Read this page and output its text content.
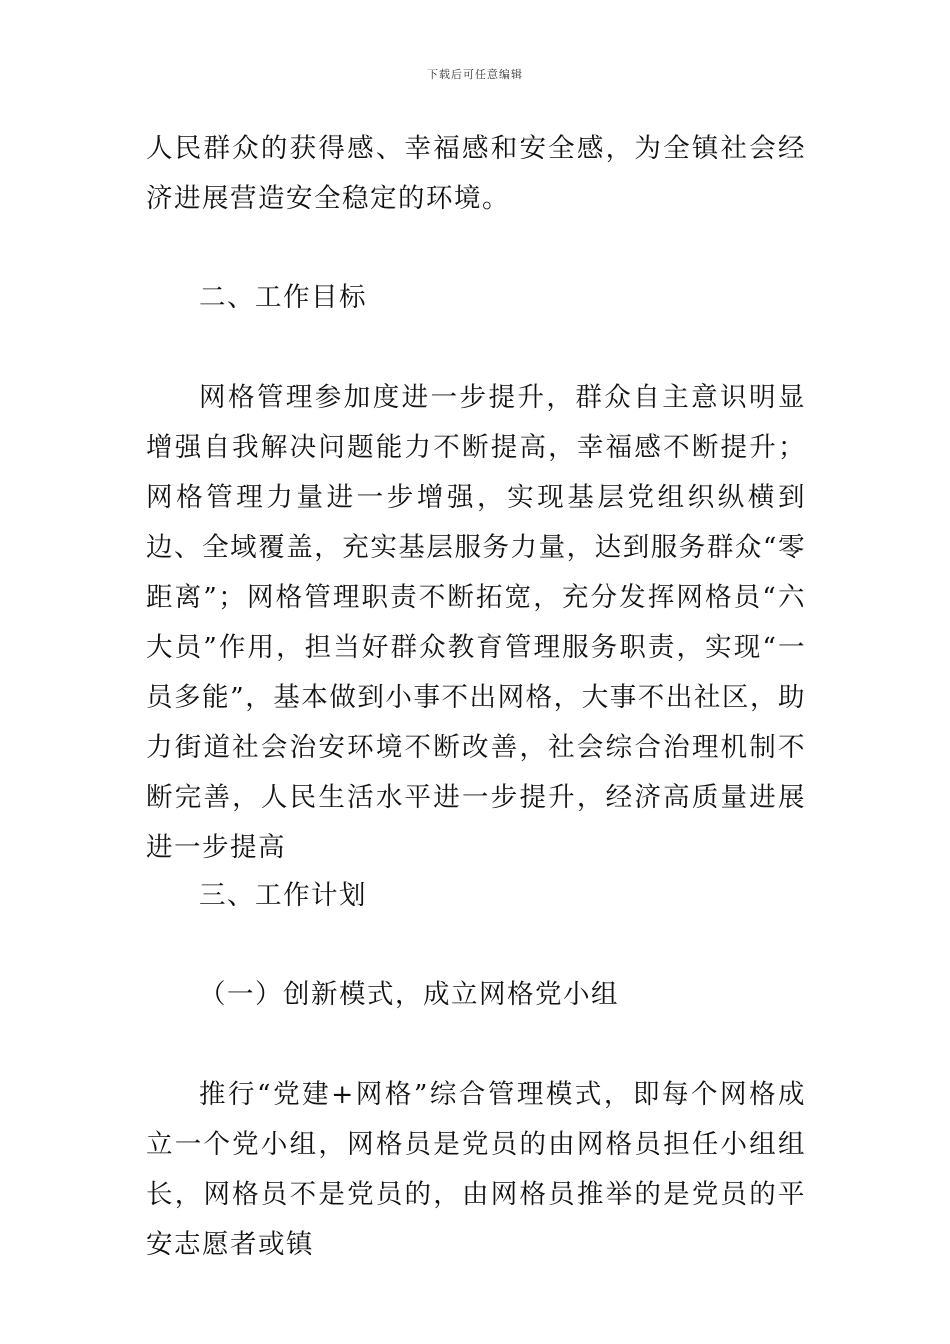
下载后可任意编辑
人民群众的获得感、幸福感和安全感，为全镇社会经济进展营造安全稳定的环境。
二、工作目标
网格管理参加度进一步提升，群众自主意识明显增强自我解决问题能力不断提高，幸福感不断提升；网格管理力量进一步增强，实现基层党组织纵横到边、全域覆盖，充实基层服务力量，达到服务群众“零距离”；网格管理职责不断拓宽，充分发挥网格员“六大员”作用，担当好群众教育管理服务职责，实现“一员多能”，基本做到小事不出网格，大事不出社区，助力街道社会治安环境不断改善，社会综合治理机制不断完善，人民生活水平进一步提升，经济高质量进展进一步提高
三、工作计划
（一）创新模式，成立网格党小组
推行“党建+网格”综合管理模式，即每个网格成立一个党小组，网格员是党员的由网格员担任小组组长，网格员不是党员的，由网格员推举的是党员的平安志愿者或镇
